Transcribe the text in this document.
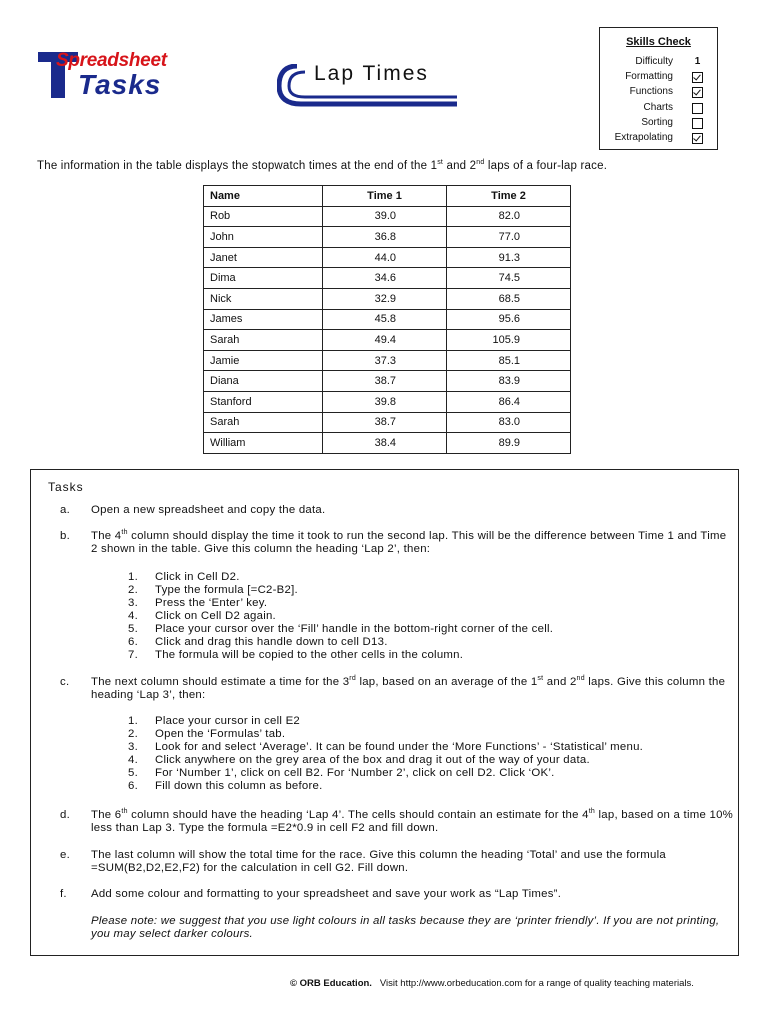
Spreadsheet
Tasks	Lap Times
Skills Check
Difficulty 1
Formatting
Functions
Charts
Sorting
Extrapolating
The information in the table displays the stopwatch times at the end of the 1st and 2nd laps of a four-lap race.
Name	Time 1	Time 2
Rob	39.0	82.0
John	36.8	77.0
Janet	44.0	91.3
Dima	34.6	74.5
Nick	32.9	68.5
James	45.8	95.6
Sarah	49.4	105.9
Jamie	37.3	85.1
Diana	38.7	83.9
Stanford	39.8	86.4
Sarah	38.7	83.0
William	38.4	89.9
Tasks
a. Open a new spreadsheet and copy the data.
b. The 4th column should display the time it took to run the second lap. This will be the difference between Time 1 and Time 2 shown in the table. Give this column the heading ‘Lap 2’, then:
1.	Click in Cell D2.
2.	Type the formula [=C2-B2].
3.	Press the ‘Enter’ key.
4.	Click on Cell D2 again.
5.	Place your cursor over the ‘Fill’ handle in the bottom-right corner of the cell.
6.	Click and drag this handle down to cell D13.
7.	The formula will be copied to the other cells in the column.
c. The next column should estimate a time for the 3rd lap, based on an average of the 1st and 2nd laps. Give this column the heading ‘Lap 3’, then:
1.	Place your cursor in cell E2
2.	Open the ‘Formulas’ tab.
3.	Look for and select ‘Average’. It can be found under the ‘More Functions’ - ‘Statistical’ menu.
4.	Click anywhere on the grey area of the box and drag it out of the way of your data.
5.	For ‘Number 1’, click on cell B2. For ‘Number 2’, click on cell D2. Click ‘OK’.
6.	Fill down this column as before.
d. The 6th column should have the heading ‘Lap 4’. The cells should contain an estimate for the 4th lap, based on a time 10% less than Lap 3. Type the formula =E2*0.9 in cell F2 and fill down.
e. The last column will show the total time for the race. Give this column the heading ‘Total’ and use the formula =SUM(B2,D2,E2,F2) for the calculation in cell G2. Fill down.
f. Add some colour and formatting to your spreadsheet and save your work as “Lap Times”.
Please note: we suggest that you use light colours in all tasks because they are ‘printer friendly’. If you are not printing, you may select darker colours.
© ORB Education. Visit http://www.orbeducation.com for a range of quality teaching materials.
